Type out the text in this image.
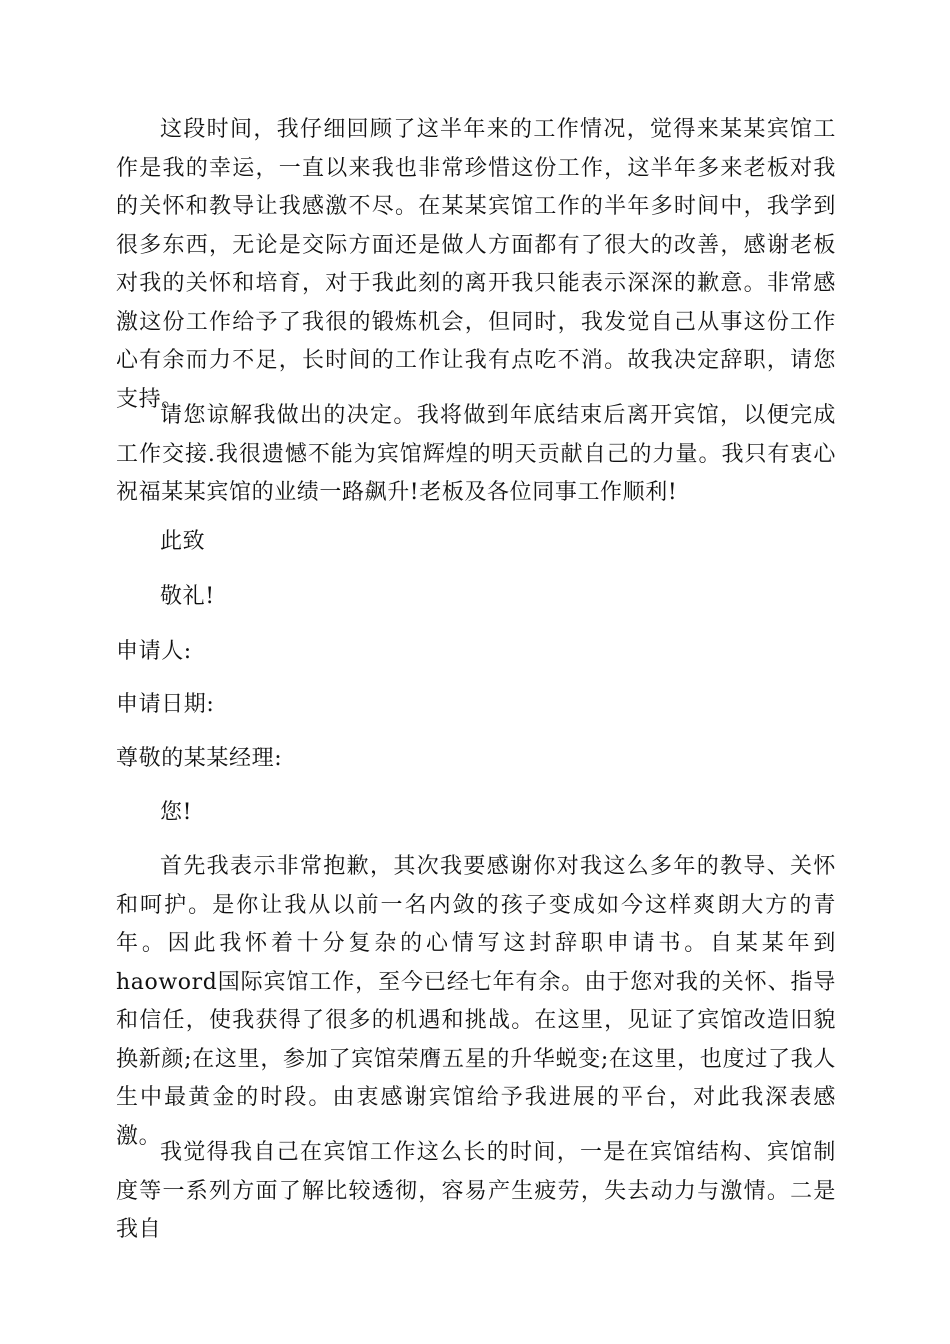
这段时间，我仔细回顾了这半年来的工作情况，觉得来某某宾馆工作是我的幸运，一直以来我也非常珍惜这份工作，这半年多来老板对我的关怀和教导让我感激不尽。在某某宾馆工作的半年多时间中，我学到很多东西，无论是交际方面还是做人方面都有了很大的改善，感谢老板对我的关怀和培育，对于我此刻的离开我只能表示深深的歉意。非常感激这份工作给予了我很的锻炼机会，但同时，我发觉自己从事这份工作心有余而力不足，长时间的工作让我有点吃不消。故我决定辞职，请您支持。

请您谅解我做出的决定。我将做到年底结束后离开宾馆，以便完成工作交接.我很遗憾不能为宾馆辉煌的明天贡献自己的力量。我只有衷心祝福某某宾馆的业绩一路飙升!老板及各位同事工作顺利!

此致

敬礼!

申请人:

申请日期:

尊敬的某某经理:

您!

首先我表示非常抱歉，其次我要感谢你对我这么多年的教导、关怀和呵护。是你让我从以前一名内敛的孩子变成如今这样爽朗大方的青年。因此我怀着十分复杂的心情写这封辞职申请书。自某某年到haoword国际宾馆工作，至今已经七年有余。由于您对我的关怀、指导和信任，使我获得了很多的机遇和挑战。在这里，见证了宾馆改造旧貌换新颜;在这里，参加了宾馆荣膺五星的升华蜕变;在这里，也度过了我人生中最黄金的时段。由衷感谢宾馆给予我进展的平台，对此我深表感激。

我觉得我自己在宾馆工作这么长的时间，一是在宾馆结构、宾馆制度等一系列方面了解比较透彻，容易产生疲劳，失去动力与激情。二是我自
